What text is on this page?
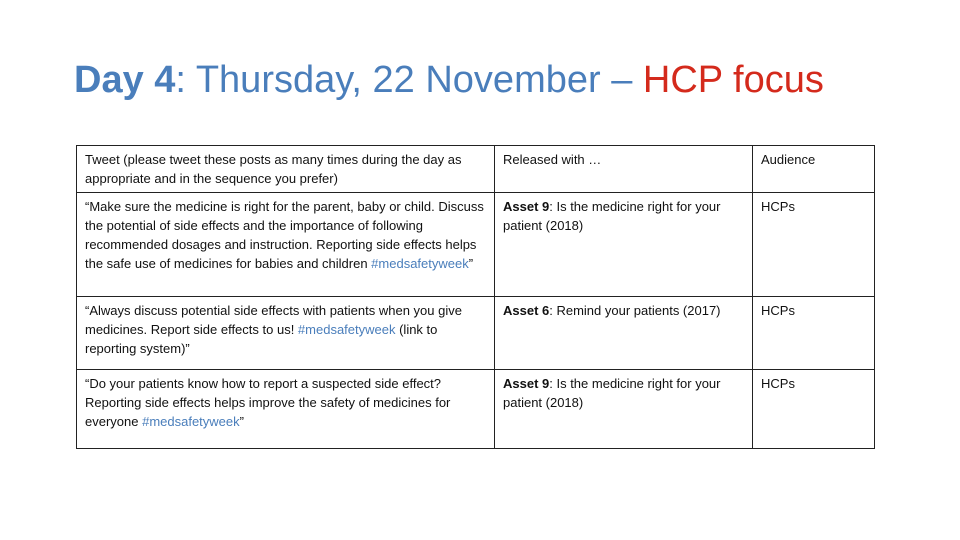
Day 4: Thursday, 22 November – HCP focus
Tweet (please tweet these posts as many times during the day as appropriate and in the sequence you prefer)	Released with …	Audience
“Make sure the medicine is right for the parent, baby or child. Discuss the potential of side effects and the importance of following recommended dosages and instruction. Reporting side effects helps the safe use of medicines for babies and children #medsafetyweek”	Asset 9: Is the medicine right for your patient (2018)	HCPs
“Always discuss potential side effects with patients when you give medicines. Report side effects to us! #medsafetyweek (link to reporting system)”	Asset 6: Remind your patients (2017)	HCPs
“Do your patients know how to report a suspected side effect? Reporting side effects helps improve the safety of medicines for everyone #medsafetyweek”	Asset 9: Is the medicine right for your patient (2018)	HCPs
